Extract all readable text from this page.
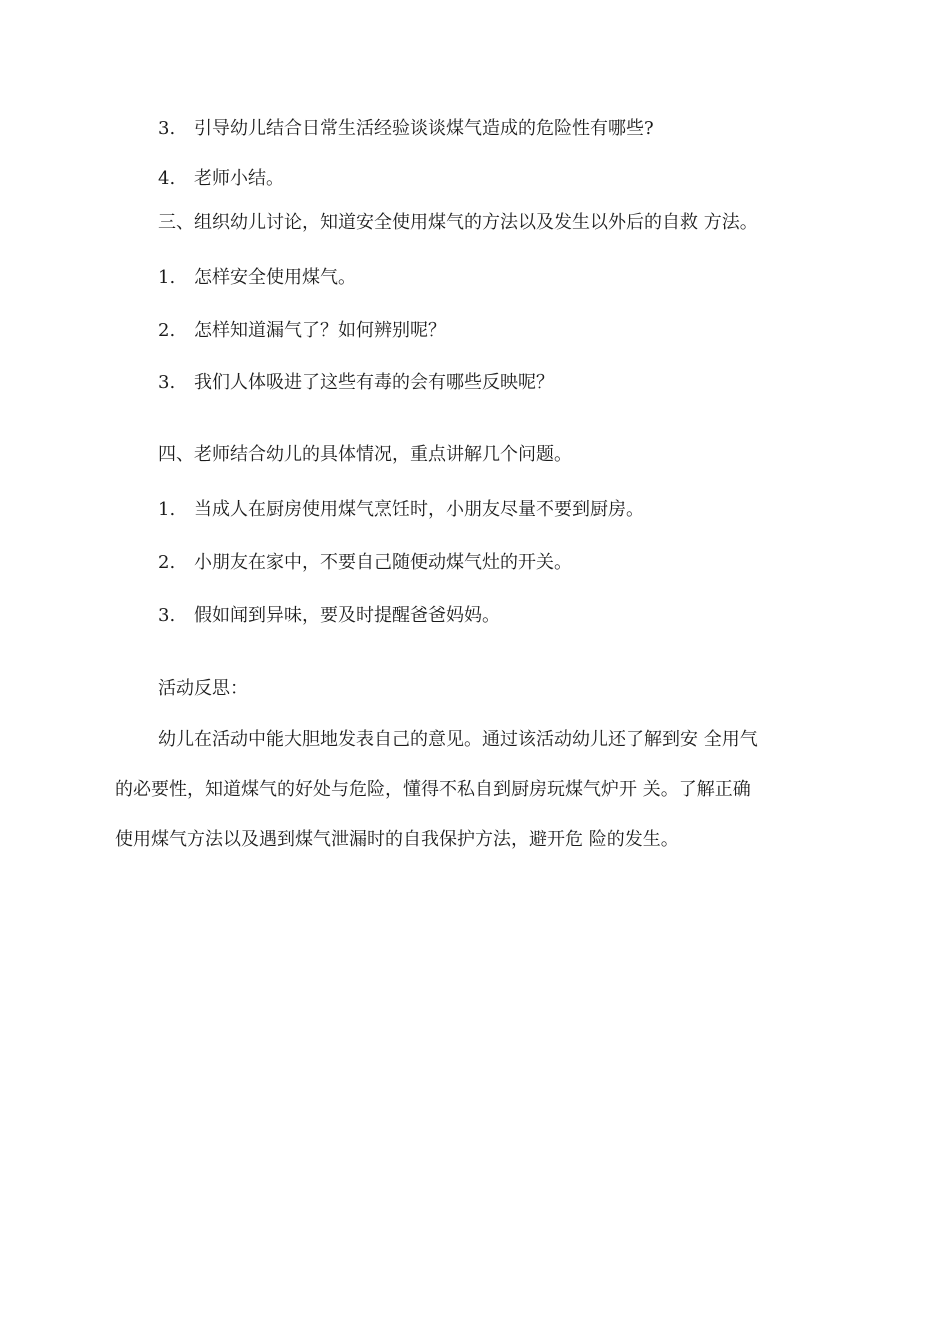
3. 引导幼儿结合日常生活经验谈谈煤气造成的危险性有哪些?
4. 老师小结。
三、组织幼儿讨论，知道安全使用煤气的方法以及发生以外后的自救 方法。
1. 怎样安全使用煤气。
2. 怎样知道漏气了？如何辨别呢？
3. 我们人体吸进了这些有毒的会有哪些反映呢？
四、老师结合幼儿的具体情况，重点讲解几个问题。
1. 当成人在厨房使用煤气烹饪时，小朋友尽量不要到厨房。
2. 小朋友在家中，不要自己随便动煤气灶的开关。
3. 假如闻到异味，要及时提醒爸爸妈妈。
活动反思：
幼儿在活动中能大胆地发表自己的意见。通过该活动幼儿还了解到安 全用气
的必要性，知道煤气的好处与危险，懂得不私自到厨房玩煤气炉开 关。了解正确
使用煤气方法以及遇到煤气泄漏时的自我保护方法，避开危 险的发生。
